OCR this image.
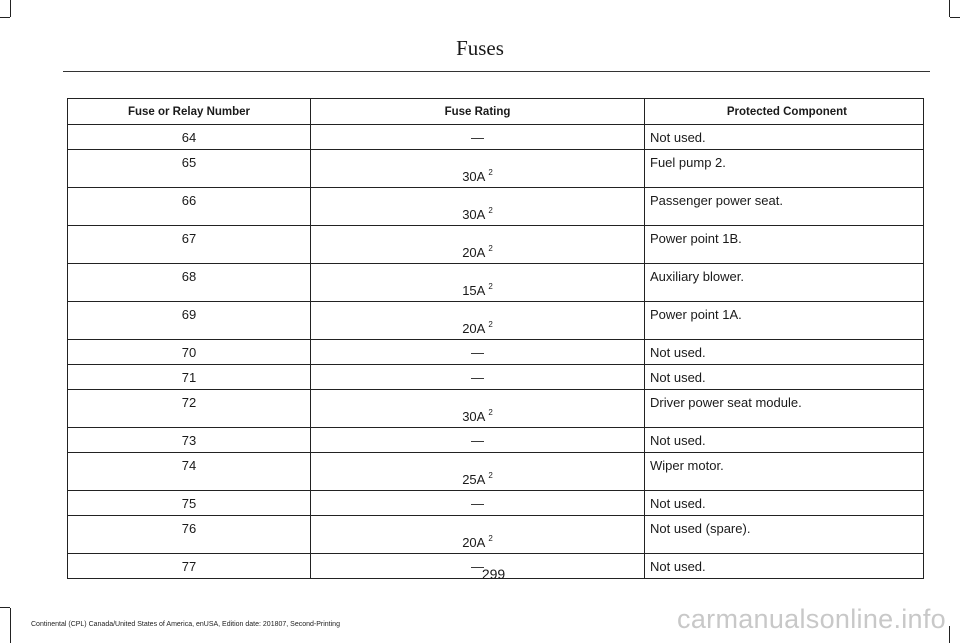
Fuses
Fuse or Relay Number	Fuse Rating	Protected Component
64	—	Not used.
65	30A $^2$	Fuel pump 2.
66	30A $^2$	Passenger power seat.
67	20A $^2$	Power point 1B.
68	15A $^2$	Auxiliary blower.
69	20A $^2$	Power point 1A.
70	—	Not used.
71	—	Not used.
72	30A $^2$	Driver power seat module.
73	—	Not used.
74	25A $^2$	Wiper motor.
75	—	Not used.
76	20A $^2$	Not used (spare).
77	—	Not used.
299
Continental (CPL) Canada/United States of America, enUSA, Edition date: 201807, Second-Printing	carmanualsonline.info
